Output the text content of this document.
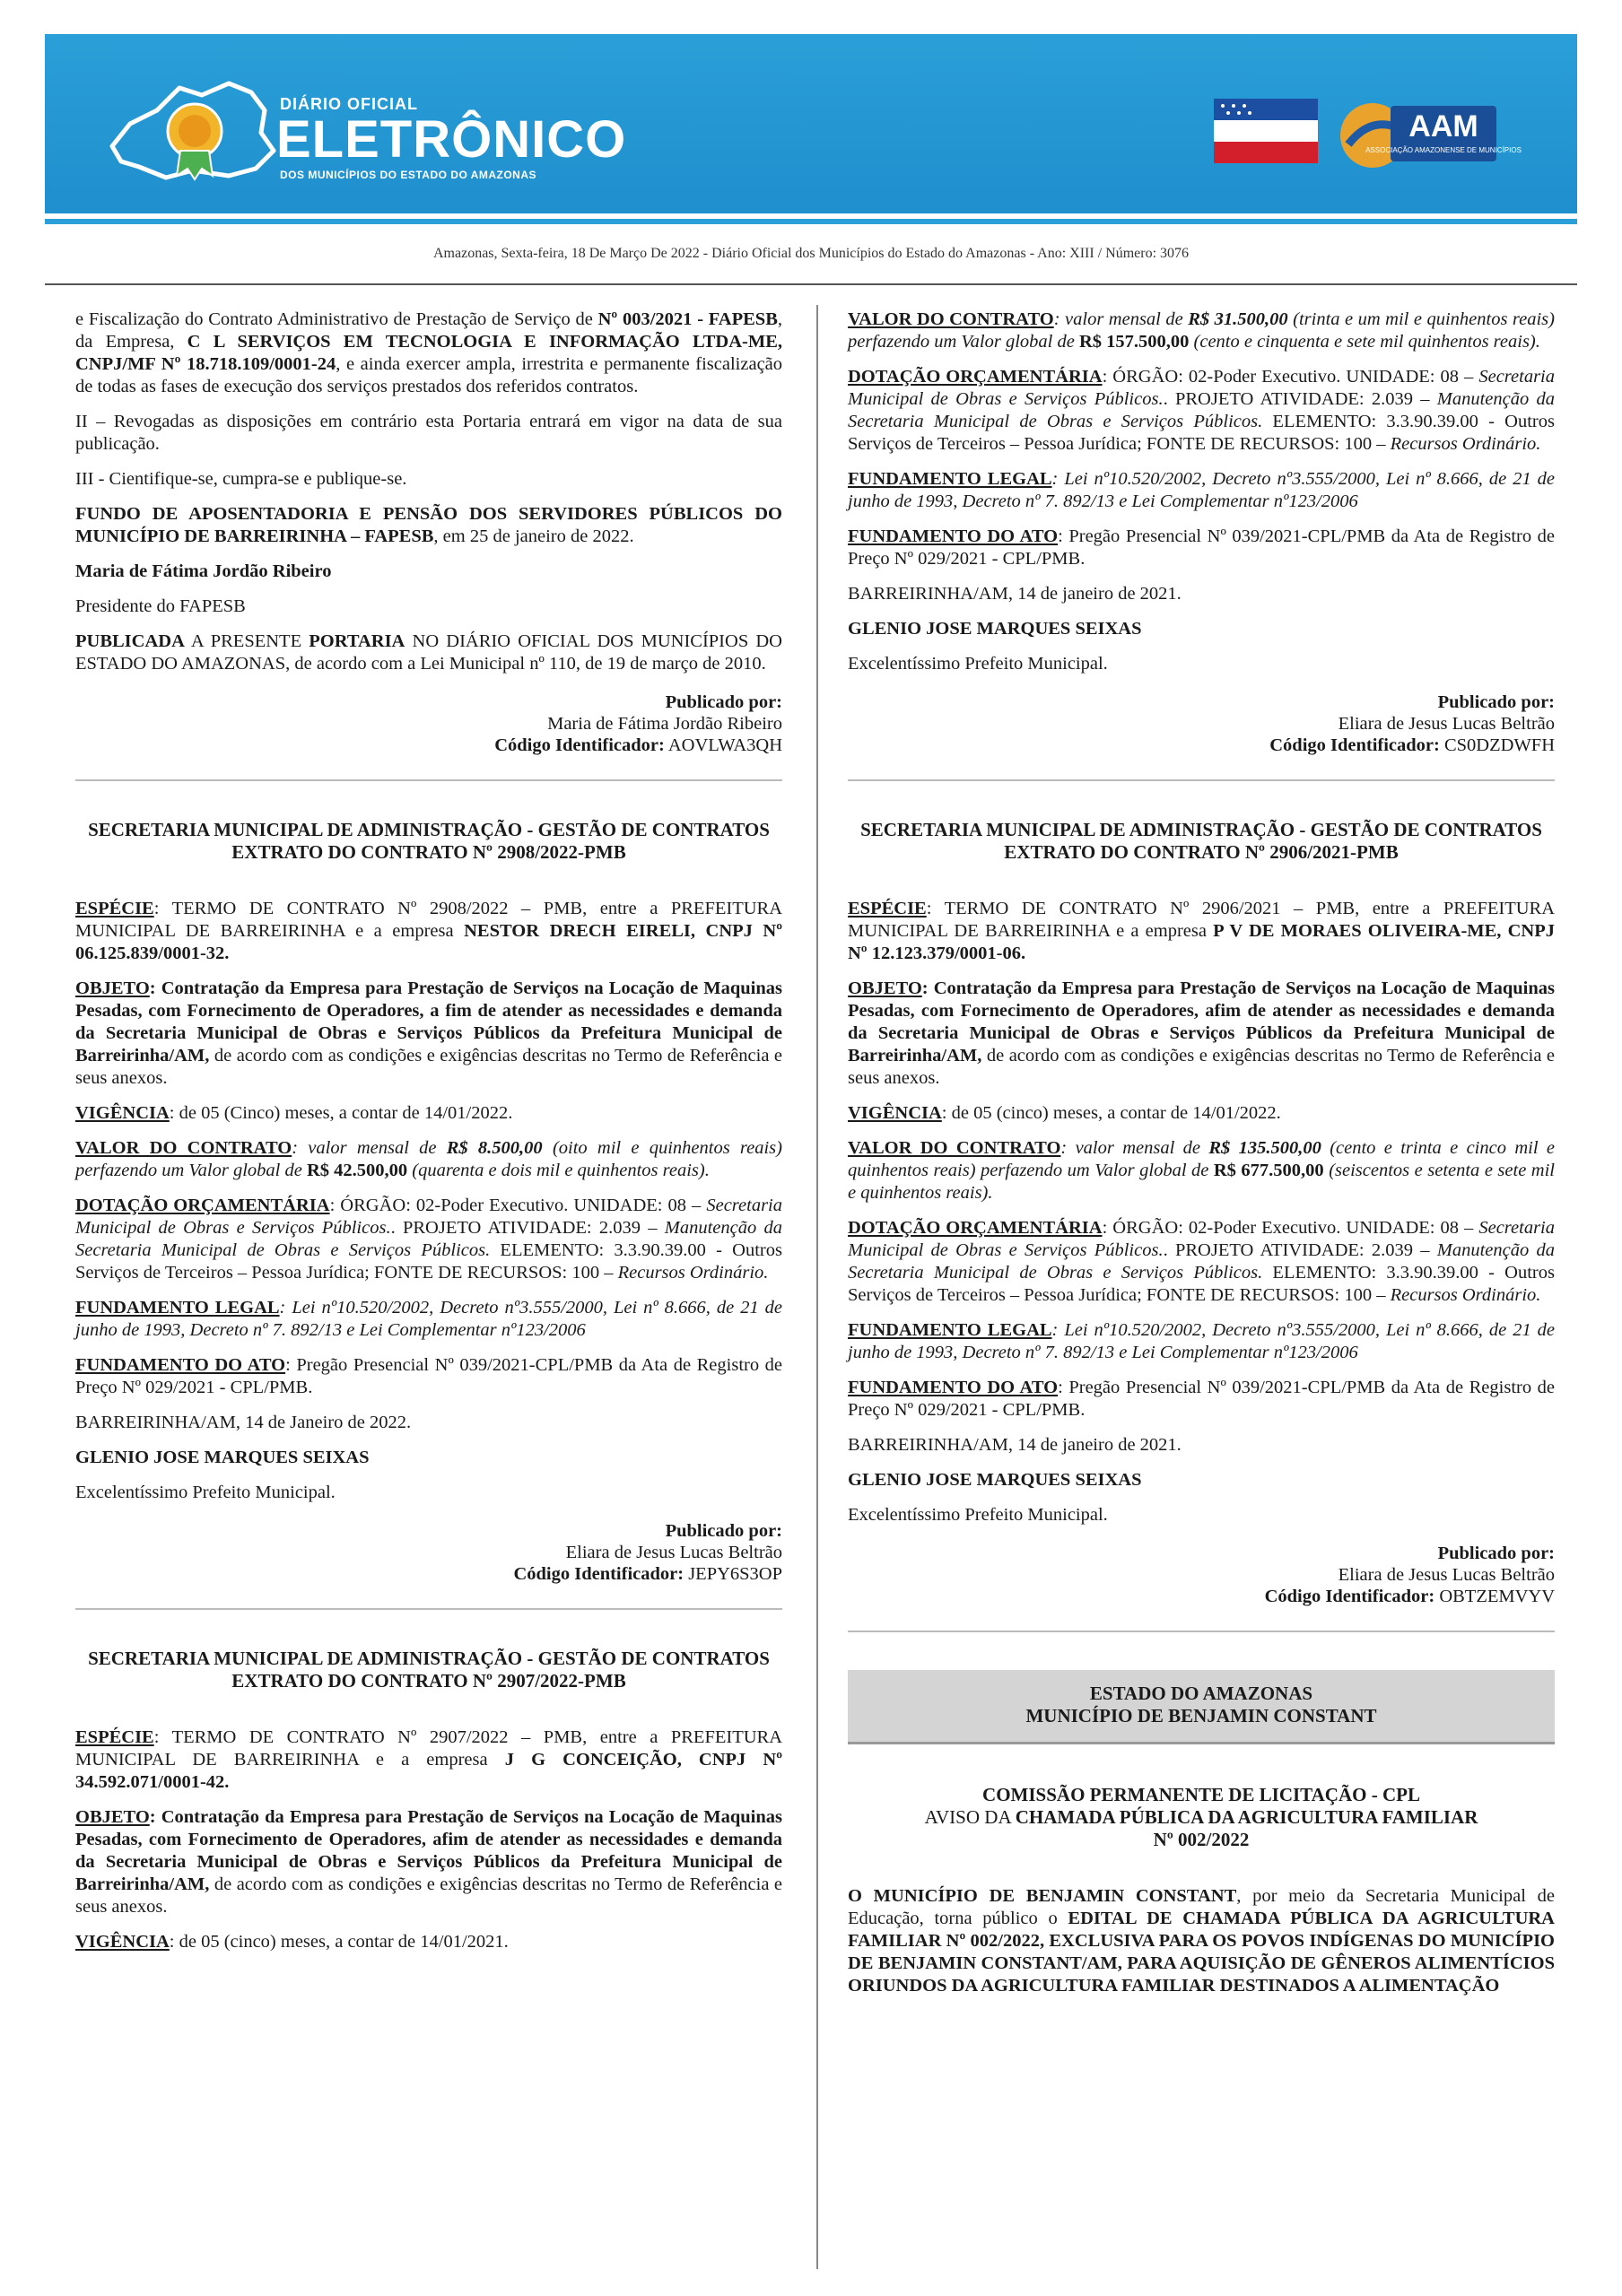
DIÁRIO OFICIAL
ELETRÔNICO
DOS MUNICÍPIOS DO ESTADO DO AMAZONAS
AAM
ASSOCIAÇÃO AMAZONENSE DE MUNICÍPIOS
Amazonas, Sexta-feira, 18 De Março De 2022 - Diário Oficial dos Municípios do Estado do Amazonas - Ano: XIII / Número: 3076

e Fiscalização do Contrato Administrativo de Prestação de Serviço de Nº 003/2021 - FAPESB, da Empresa, C L SERVIÇOS EM TECNOLOGIA E INFORMAÇÃO LTDA-ME, CNPJ/MF Nº 18.718.109/0001-24, e ainda exercer ampla, irrestrita e permanente fiscalização de todas as fases de execução dos serviços prestados dos referidos contratos.

II – Revogadas as disposições em contrário esta Portaria entrará em vigor na data de sua publicação.

III - Cientifique-se, cumpra-se e publique-se.

FUNDO DE APOSENTADORIA E PENSÃO DOS SERVIDORES PÚBLICOS DO MUNICÍPIO DE BARREIRINHA – FAPESB, em 25 de janeiro de 2022.

Maria de Fátima Jordão Ribeiro

Presidente do FAPESB

PUBLICADA A PRESENTE PORTARIA NO DIÁRIO OFICIAL DOS MUNICÍPIOS DO ESTADO DO AMAZONAS, de acordo com a Lei Municipal nº 110, de 19 de março de 2010.

Publicado por:
Maria de Fátima Jordão Ribeiro
Código Identificador: AOVLWA3QH
SECRETARIA MUNICIPAL DE ADMINISTRAÇÃO - GESTÃO DE CONTRATOS
EXTRATO DO CONTRATO Nº 2908/2022-PMB

ESPÉCIE: TERMO DE CONTRATO Nº 2908/2022 – PMB, entre a PREFEITURA MUNICIPAL DE BARREIRINHA e a empresa NESTOR DRECH EIRELI, CNPJ Nº 06.125.839/0001-32.

OBJETO: Contratação da Empresa para Prestação de Serviços na Locação de Maquinas Pesadas, com Fornecimento de Operadores, a fim de atender as necessidades e demanda da Secretaria Municipal de Obras e Serviços Públicos da Prefeitura Municipal de Barreirinha/AM, de acordo com as condições e exigências descritas no Termo de Referência e seus anexos.

VIGÊNCIA: de 05 (Cinco) meses, a contar de 14/01/2022.

VALOR DO CONTRATO: valor mensal de R$ 8.500,00 (oito mil e quinhentos reais) perfazendo um Valor global de R$ 42.500,00 (quarenta e dois mil e quinhentos reais).

DOTAÇÃO ORÇAMENTÁRIA: ÓRGÃO: 02-Poder Executivo. UNIDADE: 08 – Secretaria Municipal de Obras e Serviços Públicos.. PROJETO ATIVIDADE: 2.039 – Manutenção da Secretaria Municipal de Obras e Serviços Públicos. ELEMENTO: 3.3.90.39.00 - Outros Serviços de Terceiros – Pessoa Jurídica; FONTE DE RECURSOS: 100 – Recursos Ordinário.

FUNDAMENTO LEGAL: Lei nº10.520/2002, Decreto nº3.555/2000, Lei nº 8.666, de 21 de junho de 1993, Decreto nº 7. 892/13 e Lei Complementar nº123/2006

FUNDAMENTO DO ATO: Pregão Presencial Nº 039/2021-CPL/PMB da Ata de Registro de Preço Nº 029/2021 - CPL/PMB.

BARREIRINHA/AM, 14 de Janeiro de 2022.

GLENIO JOSE MARQUES SEIXAS

Excelentíssimo Prefeito Municipal.

Publicado por:
Eliara de Jesus Lucas Beltrão
Código Identificador: JEPY6S3OP
SECRETARIA MUNICIPAL DE ADMINISTRAÇÃO - GESTÃO DE CONTRATOS
EXTRATO DO CONTRATO Nº 2907/2022-PMB

ESPÉCIE: TERMO DE CONTRATO Nº 2907/2022 – PMB, entre a PREFEITURA MUNICIPAL DE BARREIRINHA e a empresa J G CONCEIÇÃO, CNPJ Nº 34.592.071/0001-42.

OBJETO: Contratação da Empresa para Prestação de Serviços na Locação de Maquinas Pesadas, com Fornecimento de Operadores, afim de atender as necessidades e demanda da Secretaria Municipal de Obras e Serviços Públicos da Prefeitura Municipal de Barreirinha/AM, de acordo com as condições e exigências descritas no Termo de Referência e seus anexos.

VIGÊNCIA: de 05 (cinco) meses, a contar de 14/01/2021.

VALOR DO CONTRATO: valor mensal de R$ 31.500,00 (trinta e um mil e quinhentos reais) perfazendo um Valor global de R$ 157.500,00 (cento e cinquenta e sete mil quinhentos reais).

DOTAÇÃO ORÇAMENTÁRIA: ÓRGÃO: 02-Poder Executivo. UNIDADE: 08 – Secretaria Municipal de Obras e Serviços Públicos.. PROJETO ATIVIDADE: 2.039 – Manutenção da Secretaria Municipal de Obras e Serviços Públicos. ELEMENTO: 3.3.90.39.00 - Outros Serviços de Terceiros – Pessoa Jurídica; FONTE DE RECURSOS: 100 – Recursos Ordinário.

FUNDAMENTO LEGAL: Lei nº10.520/2002, Decreto nº3.555/2000, Lei nº 8.666, de 21 de junho de 1993, Decreto nº 7. 892/13 e Lei Complementar nº123/2006

FUNDAMENTO DO ATO: Pregão Presencial Nº 039/2021-CPL/PMB da Ata de Registro de Preço Nº 029/2021 - CPL/PMB.

BARREIRINHA/AM, 14 de janeiro de 2021.

GLENIO JOSE MARQUES SEIXAS

Excelentíssimo Prefeito Municipal.

Publicado por:
Eliara de Jesus Lucas Beltrão
Código Identificador: CS0DZDWFH
SECRETARIA MUNICIPAL DE ADMINISTRAÇÃO - GESTÃO DE CONTRATOS
EXTRATO DO CONTRATO Nº 2906/2021-PMB

ESPÉCIE: TERMO DE CONTRATO Nº 2906/2021 – PMB, entre a PREFEITURA MUNICIPAL DE BARREIRINHA e a empresa P V DE MORAES OLIVEIRA-ME, CNPJ Nº 12.123.379/0001-06.

OBJETO: Contratação da Empresa para Prestação de Serviços na Locação de Maquinas Pesadas, com Fornecimento de Operadores, afim de atender as necessidades e demanda da Secretaria Municipal de Obras e Serviços Públicos da Prefeitura Municipal de Barreirinha/AM, de acordo com as condições e exigências descritas no Termo de Referência e seus anexos.

VIGÊNCIA: de 05 (cinco) meses, a contar de 14/01/2022.

VALOR DO CONTRATO: valor mensal de R$ 135.500,00 (cento e trinta e cinco mil e quinhentos reais) perfazendo um Valor global de R$ 677.500,00 (seiscentos e setenta e sete mil e quinhentos reais).

DOTAÇÃO ORÇAMENTÁRIA: ÓRGÃO: 02-Poder Executivo. UNIDADE: 08 – Secretaria Municipal de Obras e Serviços Públicos.. PROJETO ATIVIDADE: 2.039 – Manutenção da Secretaria Municipal de Obras e Serviços Públicos. ELEMENTO: 3.3.90.39.00 - Outros Serviços de Terceiros – Pessoa Jurídica; FONTE DE RECURSOS: 100 – Recursos Ordinário.

FUNDAMENTO LEGAL: Lei nº10.520/2002, Decreto nº3.555/2000, Lei nº 8.666, de 21 de junho de 1993, Decreto nº 7. 892/13 e Lei Complementar nº123/2006

FUNDAMENTO DO ATO: Pregão Presencial Nº 039/2021-CPL/PMB da Ata de Registro de Preço Nº 029/2021 - CPL/PMB.

BARREIRINHA/AM, 14 de janeiro de 2021.

GLENIO JOSE MARQUES SEIXAS

Excelentíssimo Prefeito Municipal.

Publicado por:
Eliara de Jesus Lucas Beltrão
Código Identificador: OBTZEMVYV
ESTADO DO AMAZONAS
MUNICÍPIO DE BENJAMIN CONSTANT
COMISSÃO PERMANENTE DE LICITAÇÃO - CPL
AVISO DA CHAMADA PÚBLICA DA AGRICULTURA FAMILIAR
Nº 002/2022

O MUNICÍPIO DE BENJAMIN CONSTANT, por meio da Secretaria Municipal de Educação, torna público o EDITAL DE CHAMADA PÚBLICA DA AGRICULTURA FAMILIAR Nº 002/2022, EXCLUSIVA PARA OS POVOS INDÍGENAS DO MUNICÍPIO DE BENJAMIN CONSTANT/AM, PARA AQUISIÇÃO DE GÊNEROS ALIMENTÍCIOS ORIUNDOS DA AGRICULTURA FAMILIAR DESTINADOS A ALIMENTAÇÃO
